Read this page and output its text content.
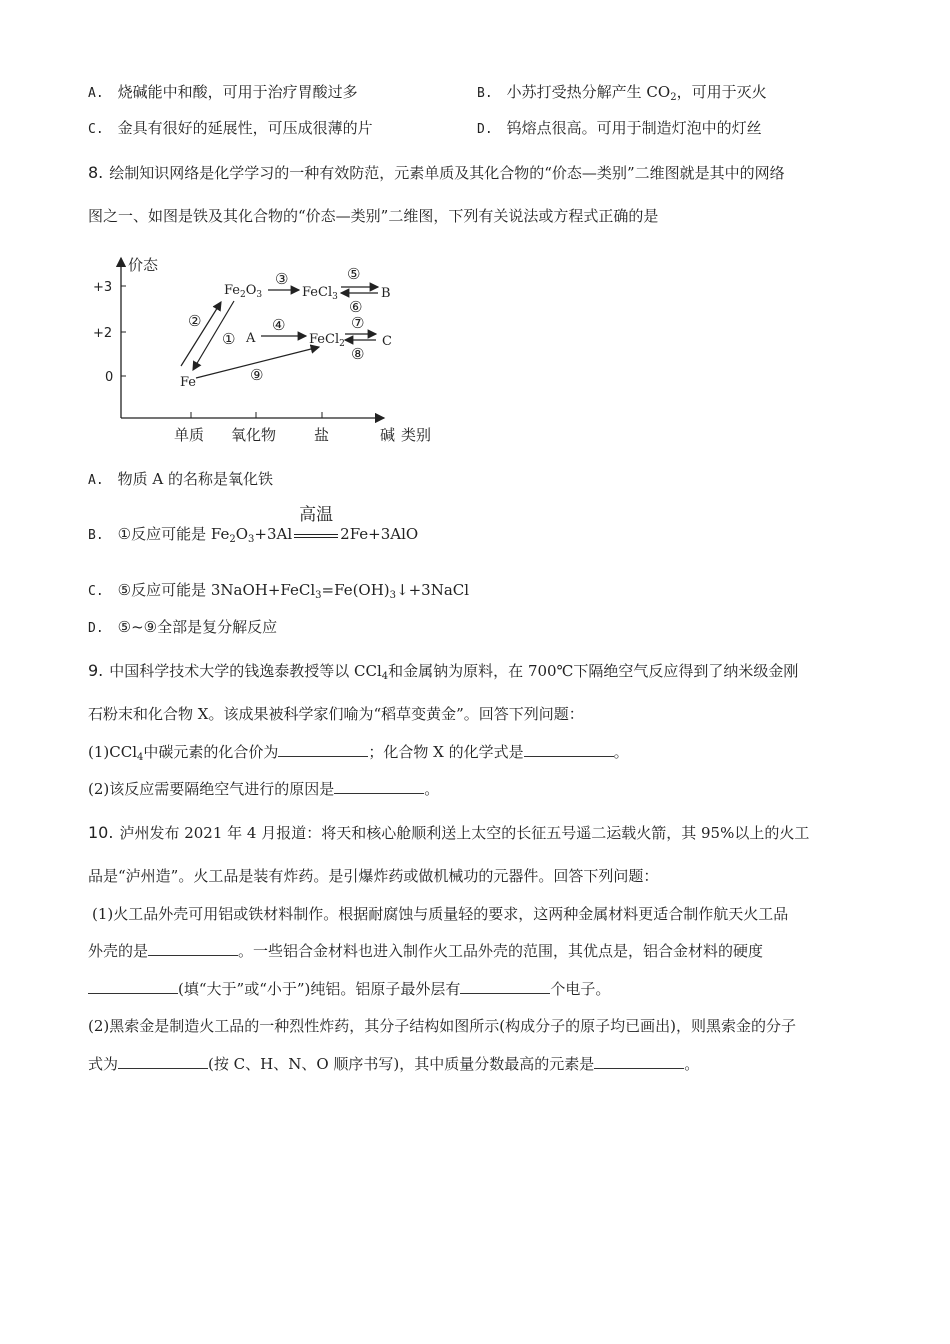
A. 烧碱能中和酸，可用于治疗胃酸过多	B. 小苏打受热分解产生 $CO_2$，可用于灭火
C. 金具有很好的延展性，可压成很薄的片	D. 钨熔点很高。可用于制造灯泡中的灯丝
8. 绘制知识网络是化学学习的一种有效防范，元素单质及其化合物的“价态—类别”二维图就是其中的网络
图之一、如图是铁及其化合物的“价态—类别”二维图，下列有关说法或方程式正确的是
价态
类别
+3
+2
0
单质 氧化物	盐	碱
Fe
$Fe_2O_3$	FeCl$_3$	B
A	FeCl$_2$	C
①
②
③
④
⑤
⑥
⑦
⑧
⑨
A. 物质 A 的名称是氧化铁
B. ①反应可能是 $Fe_2O_3+3Al$
高温
2Fe+3AlO
C. ⑤反应可能是 $3NaOH+FeCl_3=Fe(OH)_3↓+3NaCl$
D. ⑤~⑨全部是复分解反应
9. 中国科学技术大学的钱逸泰教授等以 CCl$_4$和金属钠为原料，在 700℃下隔绝空气反应得到了纳米级金刚
石粉末和化合物 X。该成果被科学家们喻为“稻草变黄金”。回答下列问题：
(1)CCl$_4$中碳元素的化合价为	；化合物 X 的化学式是	。
(2)该反应需要隔绝空气进行的原因是	。
10. 泸州发布 2021 年 4 月报道：将天和核心舱顺利送上太空的长征五号遥二运载火箭，其 95%以上的火工
品是“泸州造”。火工品是装有炸药。是引爆炸药或做机械功的元器件。回答下列问题：
(1)火工品外壳可用铝或铁材料制作。根据耐腐蚀与质量轻的要求，这两种金属材料更适合制作航天火工品
外壳的是	。一些铝合金材料也进入制作火工品外壳的范围，其优点是，铝合金材料的硬度
(填“大于”或“小于”)纯铝。铝原子最外层有	个电子。
(2)黑索金是制造火工品的一种烈性炸药，其分子结构如图所示(构成分子的原子均已画出)，则黑索金的分子
式为	(按 C、H、N、O 顺序书写)，其中质量分数最高的元素是	。
